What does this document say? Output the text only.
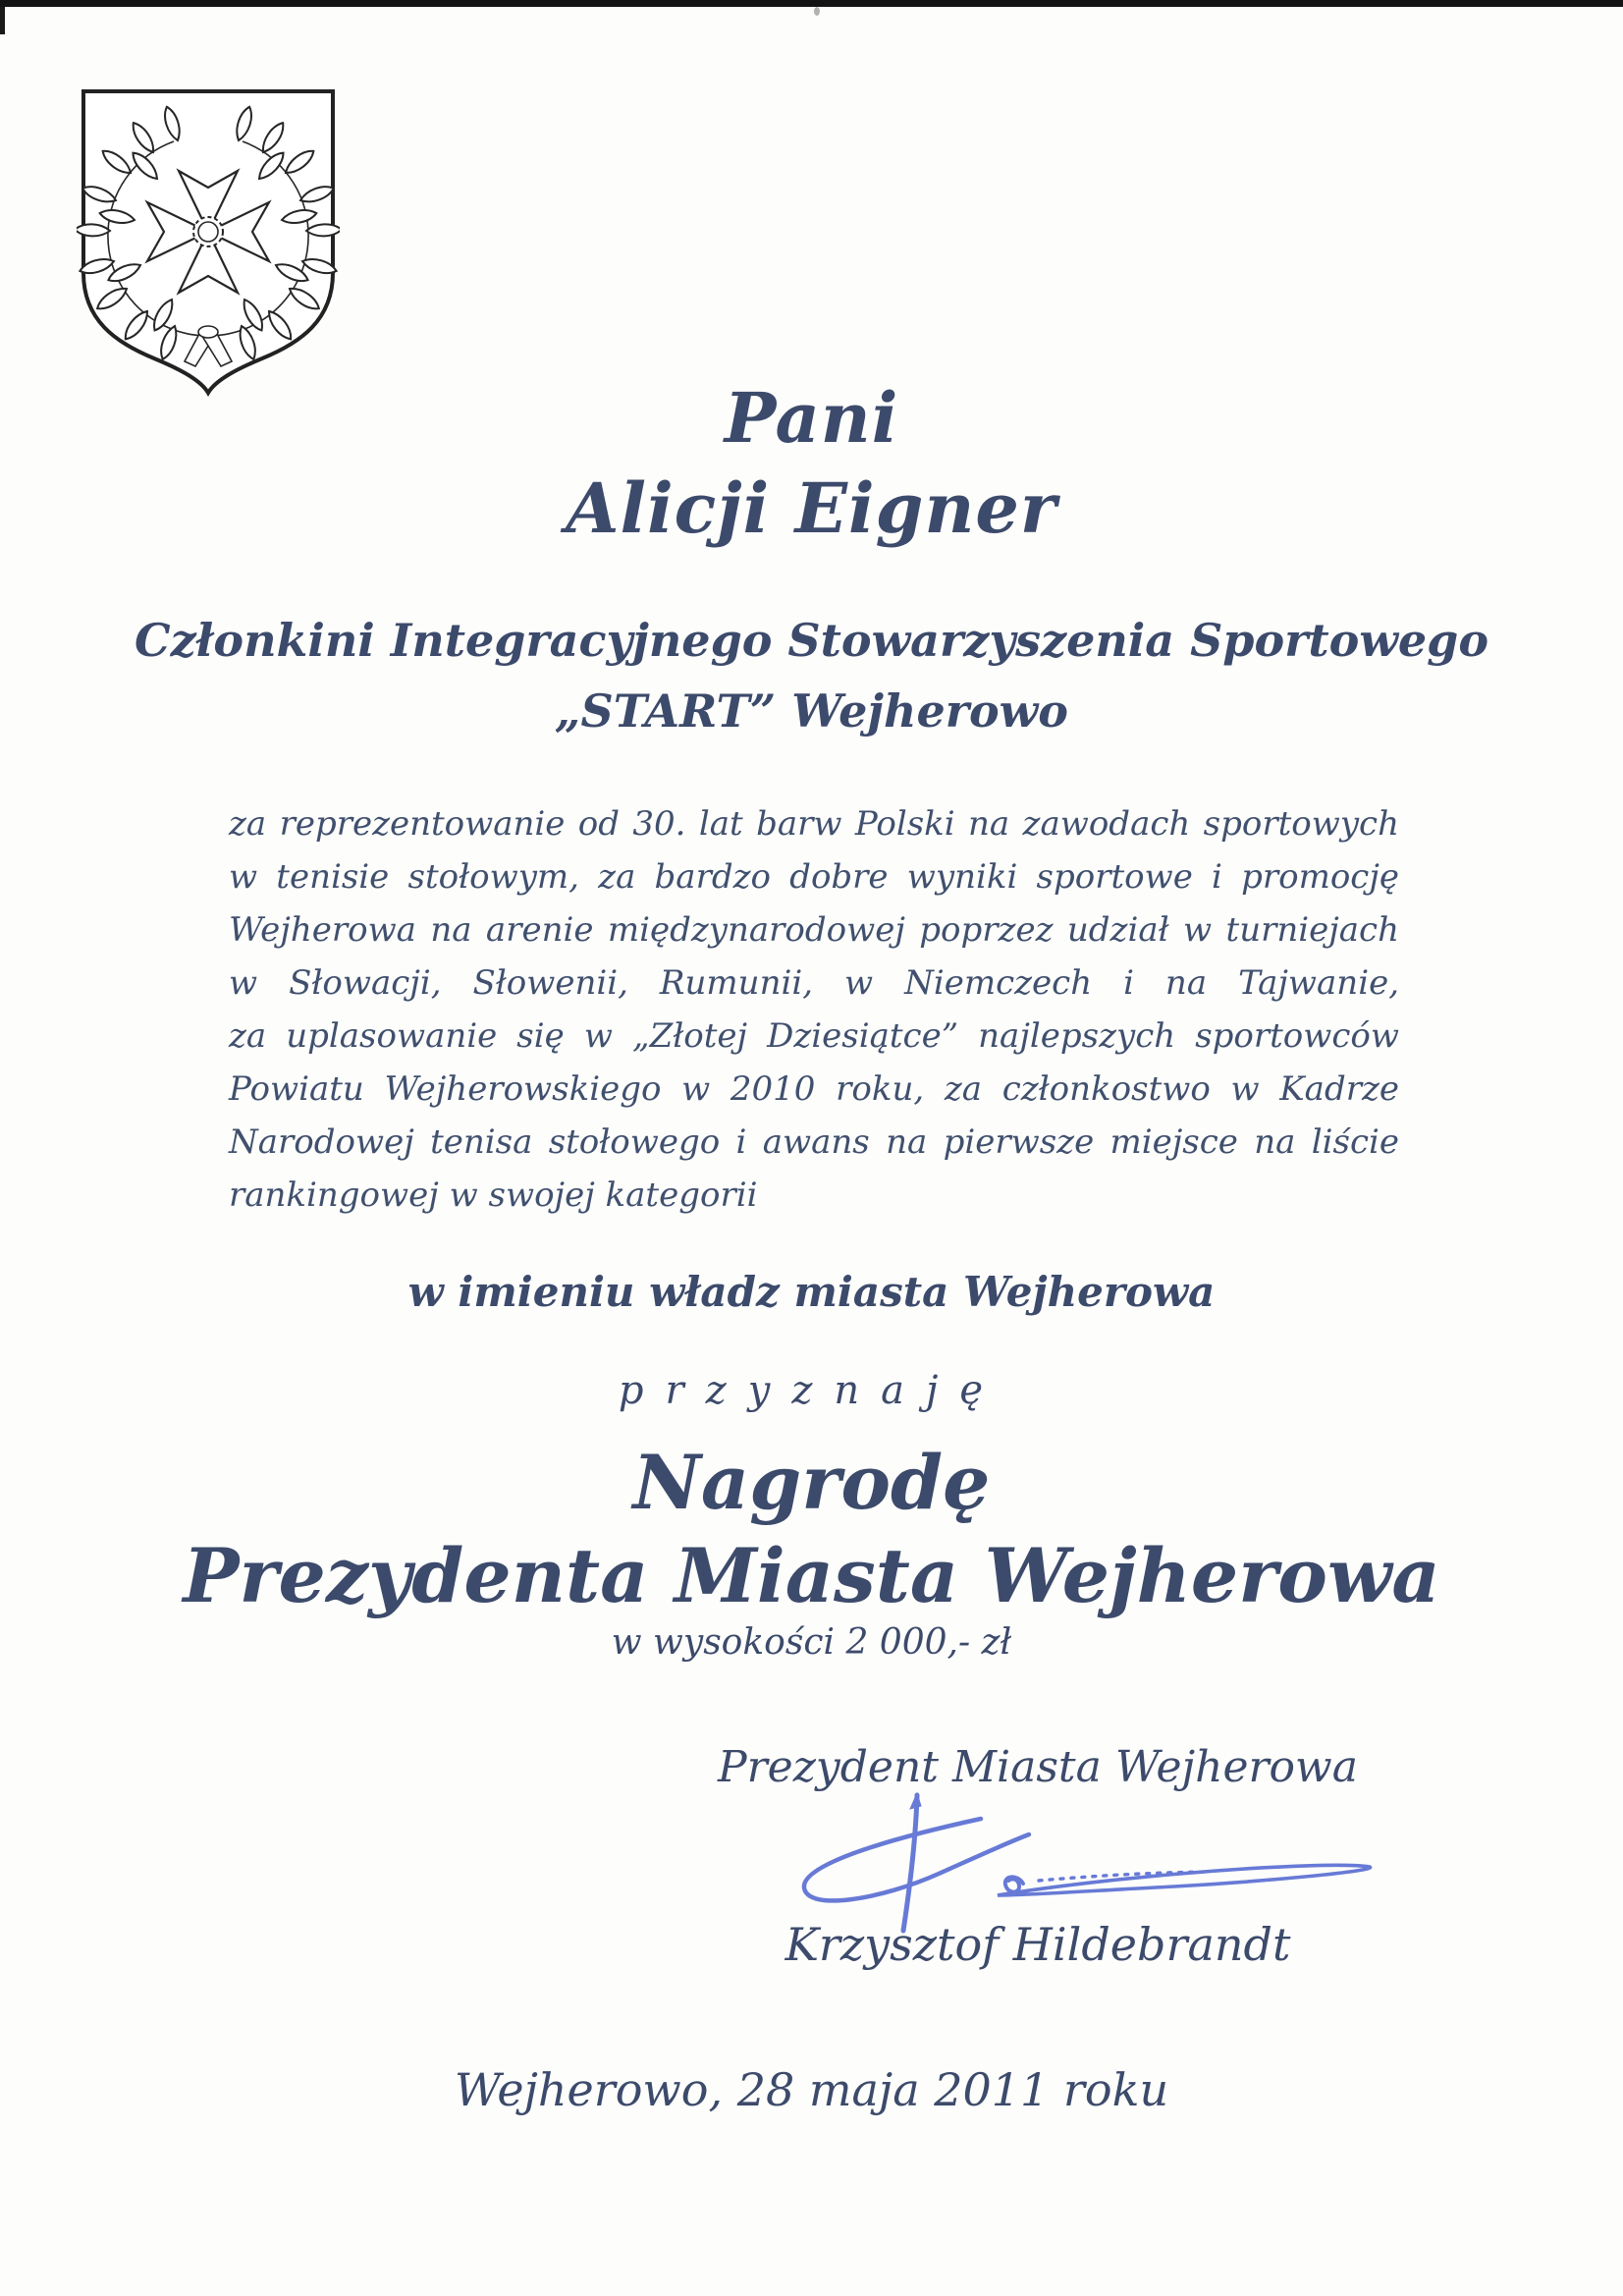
Pani
Alicji Eigner
Członkini Integracyjnego Stowarzyszenia Sportowego
„START” Wejherowo
za reprezentowanie od 30. lat barw Polski na zawodach sportowych
w tenisie stołowym, za bardzo dobre wyniki sportowe i promocję
Wejherowa na arenie międzynarodowej poprzez udział w turniejach
w Słowacji, Słowenii, Rumunii, w Niemczech i na Tajwanie,
za uplasowanie się w „Złotej Dziesiątce” najlepszych sportowców
Powiatu Wejherowskiego w 2010 roku, za członkostwo w Kadrze
Narodowej tenisa stołowego i awans na pierwsze miejsce na liście
rankingowej w swojej kategorii
w imieniu władz miasta Wejherowa
przyznaję
Nagrodę
Prezydenta Miasta Wejherowa
w wysokości 2 000,- zł
Prezydent Miasta Wejherowa
Krzysztof Hildebrandt
Wejherowo, 28 maja 2011 roku
